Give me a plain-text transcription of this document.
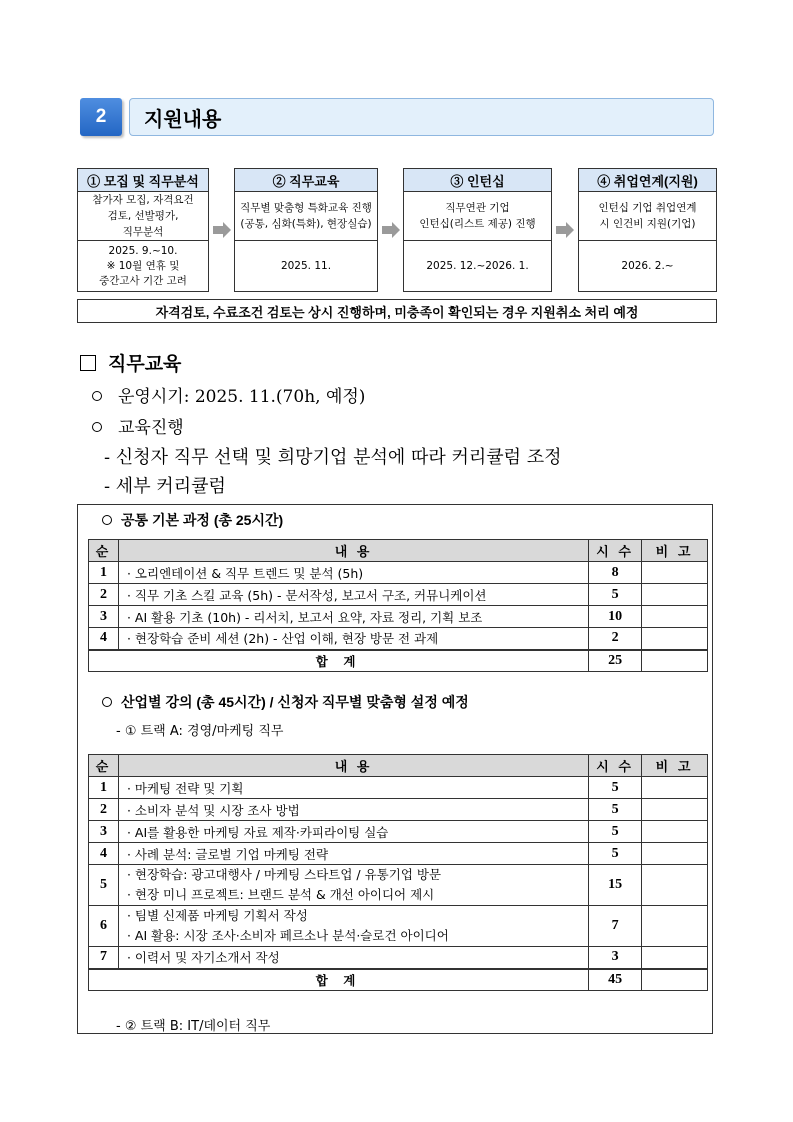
2	지원내용
① 모집 및 직무분석
참가자 모집, 자격요건
검토, 선발평가,
직무분석
2025. 9.~10.
※ 10월 연휴 및
중간고사 기간 고려
② 직무교육
직무별 맞춤형 특화교육 진행
(공통, 심화(특화), 현장실습)
2025. 11.
③ 인턴십
직무연관 기업
인턴십(리스트 제공) 진행
2025. 12.~2026. 1.
④ 취업연계(지원)
인턴십 기업 취업연계
시 인건비 지원(기업)
2026. 2.~
자격검토, 수료조건 검토는 상시 진행하며, 미충족이 확인되는 경우 지원취소 처리 예정
직무교육
운영시기: 2025. 11.(70h, 예정)
교육진행
- 신청자 직무 선택 및 희망기업 분석에 따라 커리큘럼 조정
- 세부 커리큘럼
공통 기본 과정 (총 25시간)
순	내 용	시 수	비 고
1	· 오리엔테이션 & 직무 트렌드 및 분석 (5h)	8	
2	· 직무 기초 스킬 교육 (5h) - 문서작성, 보고서 구조, 커뮤니케이션	5	
3	· AI 활용 기초 (10h) - 리서치, 보고서 요약, 자료 정리, 기획 보조	10	
4	· 현장학습 준비 세션 (2h) - 산업 이해, 현장 방문 전 과제	2	
합 계		25	
산업별 강의 (총 45시간) / 신청자 직무별 맞춤형 설정 예정
- ① 트랙 A: 경영/마케팅 직무
순	내 용	시 수	비 고
1	· 마케팅 전략 및 기획	5	
2	· 소비자 분석 및 시장 조사 방법	5	
3	· AI를 활용한 마케팅 자료 제작·카피라이팅 실습	5	
4	· 사례 분석: 글로벌 기업 마케팅 전략	5	
5	· 현장학습: 광고대행사 / 마케팅 스타트업 / 유통기업 방문
· 현장 미니 프로젝트: 브랜드 분석 & 개선 아이디어 제시	15	
6	· 팀별 신제품 마케팅 기획서 작성
· AI 활용: 시장 조사·소비자 페르소나 분석·슬로건 아이디어	7	
7	· 이력서 및 자기소개서 작성	3	
합 계		45	
- ② 트랙 B: IT/데이터 직무
